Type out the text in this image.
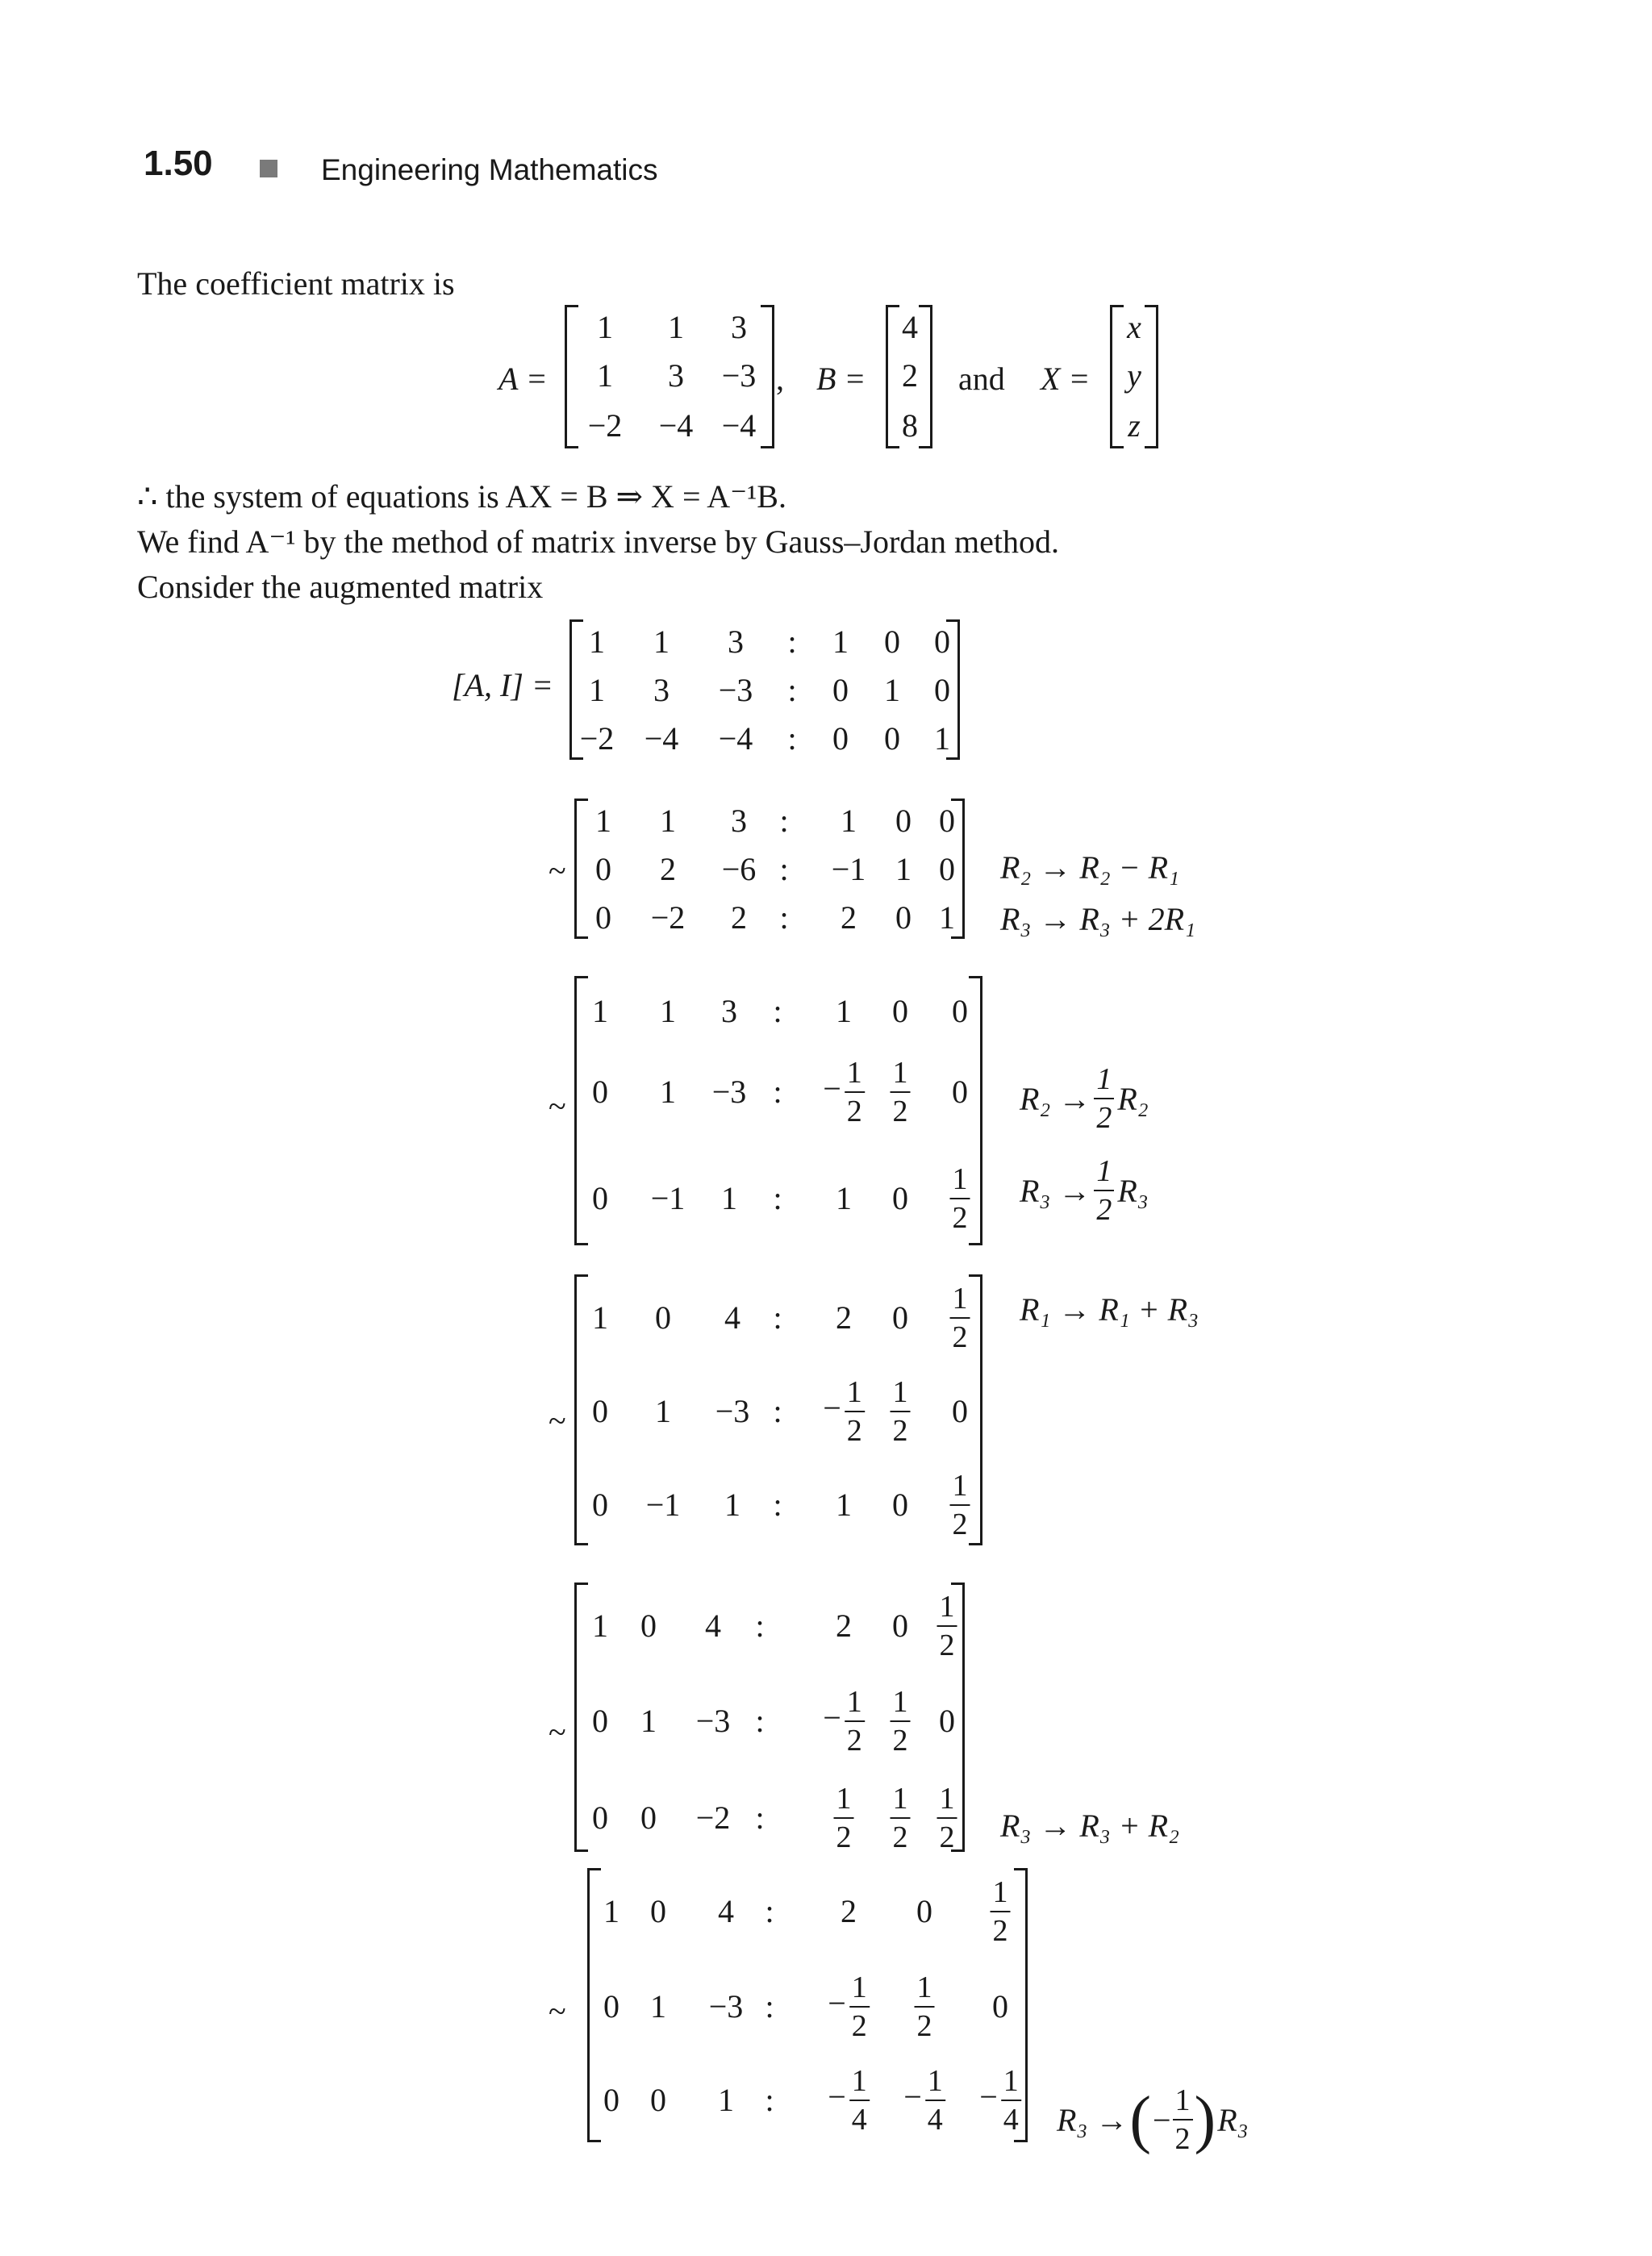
1.50	Engineering Mathematics
The coefficient matrix is
A =
1 1 3
1 3 −3
−2 −4 −4
, B =
4
2
8
and X =
x
y
z
∴ the system of equations is AX = B ⇒ X = A⁻¹B.
We find A⁻¹ by the method of matrix inverse by Gauss–Jordan method.
Consider the augmented matrix
[A, I] =
1 1 3 : 1 0 0
1 3 −3 : 0 1 0
−2 −4 −4 : 0 0 1
~
1 1 3 : 1 0 0
0 2 −6 : −1 1 0
0 −2 2 : 2 0 1
R₂ → R₂ − R₁
R₃ → R₃ + 2R₁
~
1 1 3 : 1 0 0
0 1 −3 : − $\frac{1}{2} \frac{1}{2} 0$
0 −1 1 : 1 $0 \frac{1}{2}$
$R_2 \to \frac{1}{2} R_2$
$R_3 \to \frac{1}{2} R_3$
~
1 0 4 : 2 $0 \frac{1}{2}$
0 1 −3 : − $\frac{1}{2} \frac{1}{2} 0$
0 −1 1 : 1 $0 \frac{1}{2}$
R₁ → R₁ + R₃
~
1 0 4 : 2 $0 \frac{1}{2}$
0 1 −3 : − $\frac{1}{2} \frac{1}{2} 0$
0 0 −2 : $\frac{1}{2} \frac{1}{2} \frac{1}{2} R_3 \to R_3 + R_2$
~
1 0 4 : 2 $0 \frac{1}{2}$
0 1 −3 : − $\frac{1}{2} \frac{1}{2} 0$
0 0 1 : − $\frac{1}{4} - \frac{1}{4} - \frac{1}{4} R_3$ → ( − $\frac{1}{2}$ ) R₃
